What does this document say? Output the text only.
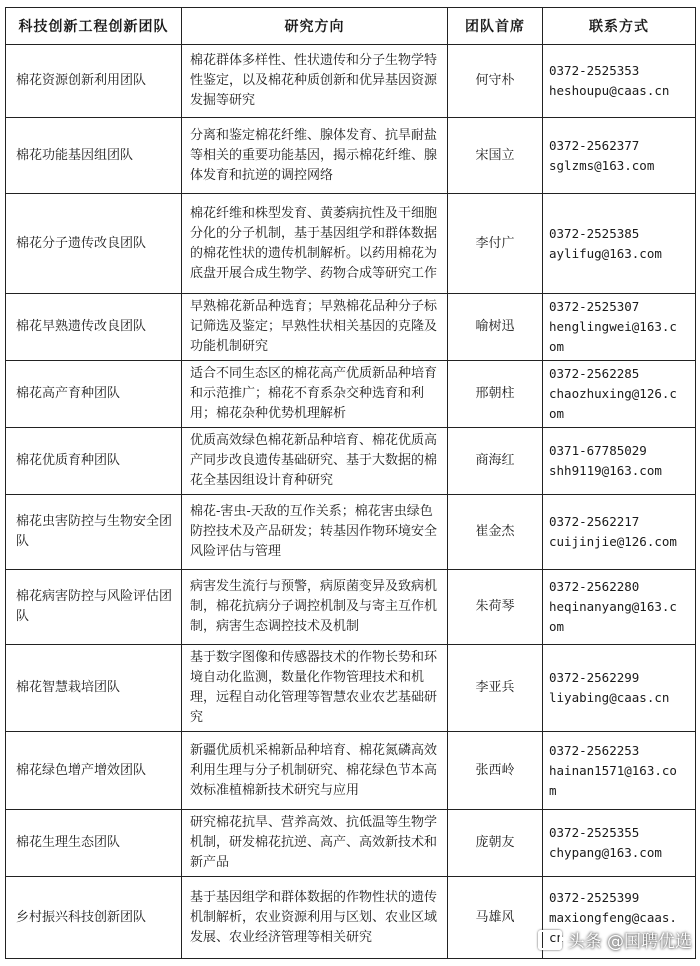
科技创新工程创新团队	研究方向	团队首席	联系方式
棉花资源创新利用团队	棉花群体多样性、性状遗传和分子生物学特性鉴定，以及棉花种质创新和优异基因资源发掘等研究	何守朴	0372-2525353
heshoupu@caas.cn

棉花功能基因组团队	分离和鉴定棉花纤维、腺体发育、抗旱耐盐等相关的重要功能基因，揭示棉花纤维、腺体发育和抗逆的调控网络	宋国立	0372-2562377
sglzms@163.com

棉花分子遗传改良团队	棉花纤维和株型发育、黄萎病抗性及干细胞分化的分子机制，基于基因组学和群体数据的棉花性状的遗传机制解析。以药用棉花为底盘开展合成生物学、药物合成等研究工作	李付广	0372-2525385
aylifug@163.com

棉花早熟遗传改良团队	早熟棉花新品种选育；早熟棉花品种分子标记筛选及鉴定；早熟性状相关基因的克隆及功能机制研究	喻树迅	0372-2525307
henglingwei@163.c
om

棉花高产育种团队	适合不同生态区的棉花高产优质新品种培育和示范推广；棉花不育系杂交种选育和利用；棉花杂种优势机理解析	邢朝柱	0372-2562285
chaozhuxing@126.c
om

棉花优质育种团队	优质高效绿色棉花新品种培育、棉花优质高产同步改良遗传基础研究、基于大数据的棉花全基因组设计育种研究	商海红	0371-67785029
shh9119@163.com

棉花虫害防控与生物安全团队	棉花-害虫-天敌的互作关系；棉花害虫绿色防控技术及产品研发；转基因作物环境安全风险评估与管理	崔金杰	0372-2562217
cuijinjie@126.com

棉花病害防控与风险评估团队	病害发生流行与预警，病原菌变异及致病机制，棉花抗病分子调控机制及与寄主互作机制，病害生态调控技术及机制	朱荷琴	0372-2562280
heqinanyang@163.c
om

棉花智慧栽培团队	基于数字图像和传感器技术的作物长势和环境自动化监测，数量化作物管理技术和机理，远程自动化管理等智慧农业农艺基础研究	李亚兵	0372-2562299
liyabing@caas.cn

棉花绿色增产增效团队	新疆优质机采棉新品种培育、棉花氮磷高效利用生理与分子机制研究、棉花绿色节本高效标准植棉新技术研究与应用	张西岭	0372-2562253
hainan1571@163.co
m

棉花生理生态团队	研究棉花抗旱、营养高效、抗低温等生物学机制，研发棉花抗逆、高产、高效新技术和新产品	庞朝友	0372-2525355
chypang@163.com

乡村振兴科技创新团队	基于基因组学和群体数据的作物性状的遗传机制解析，农业资源利用与区划、农业区域发展、农业经济管理等相关研究	马雄风	0372-2525399
maxiongfeng@caas.
cn 头条 @国聘优选
